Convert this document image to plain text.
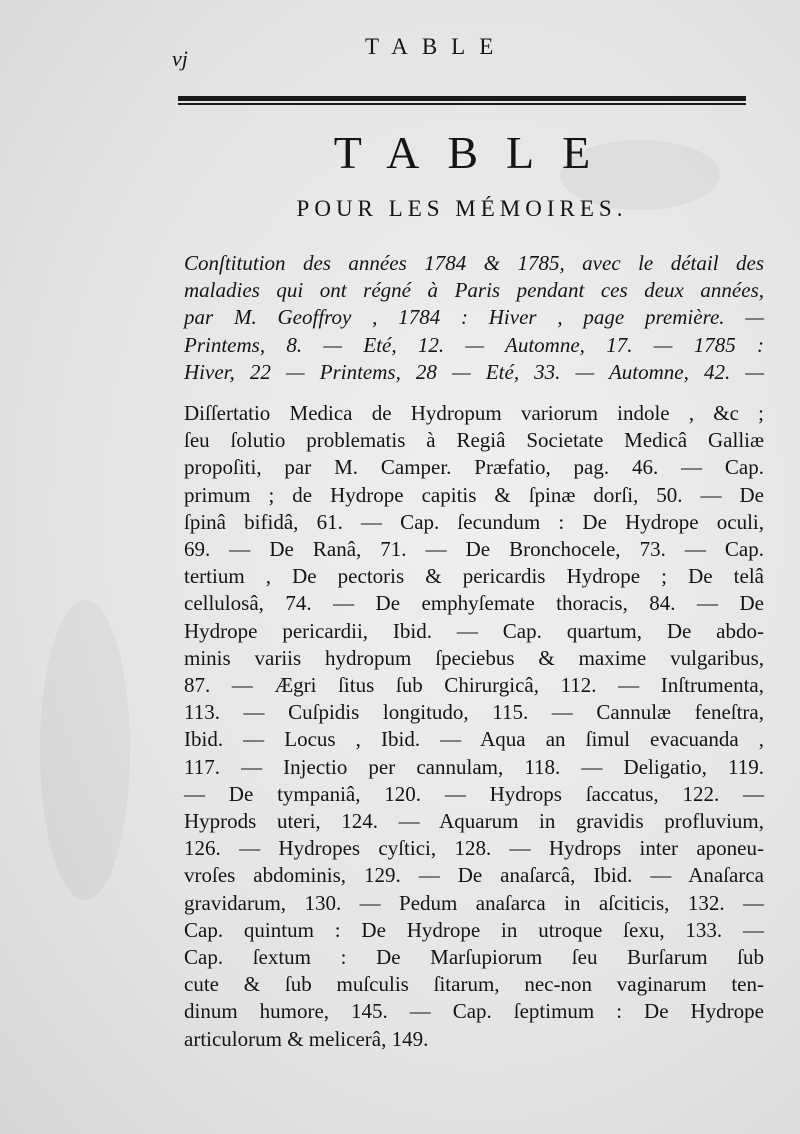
vj	TABLE
TABLE
POUR LES MÉMOIRES.
Conſtitution des années 1784 & 1785, avec le détail des
maladies qui ont régné à Paris pendant ces deux années,
par M. Geoffroy , 1784 : Hiver , page première. —
Printems, 8. — Eté, 12. — Automne, 17. — 1785 :
Hiver, 22 — Printems, 28 — Eté, 33. — Automne, 42. —
Diſſertatio Medica de Hydropum variorum indole , &c ;
ſeu ſolutio problematis à Regiâ Societate Medicâ Galliæ
propoſiti, par M. Camper. Præfatio, pag. 46. — Cap.
primum ; de Hydrope capitis & ſpinæ dorſi, 50. — De
ſpinâ bifidâ, 61. — Cap. ſecundum : De Hydrope oculi,
69. — De Ranâ, 71. — De Bronchocele, 73. — Cap.
tertium , De pectoris & pericardis Hydrope ; De telâ
cellulosâ, 74. — De emphyſemate thoracis, 84. — De
Hydrope pericardii, Ibid. — Cap. quartum, De abdo-
minis variis hydropum ſpeciebus & maxime vulgaribus,
87. — Ægri ſitus ſub Chirurgicâ, 112. — Inſtrumenta,
113. — Cuſpidis longitudo, 115. — Cannulæ feneſtra,
Ibid. — Locus , Ibid. — Aqua an ſimul evacuanda ,
117. — Injectio per cannulam, 118. — Deligatio, 119.
— De tympaniâ, 120. — Hydrops ſaccatus, 122. —
Hyprods uteri, 124. — Aquarum in gravidis profluvium,
126. — Hydropes cyſtici, 128. — Hydrops inter aponeu-
vroſes abdominis, 129. — De anaſarcâ, Ibid. — Anaſarca
gravidarum, 130. — Pedum anaſarca in aſciticis, 132. —
Cap. quintum : De Hydrope in utroque ſexu, 133. —
Cap. ſextum : De Marſupiorum ſeu Burſarum ſub
cute & ſub muſculis ſitarum, nec-non vaginarum ten-
dinum humore, 145. — Cap. ſeptimum : De Hydrope
articulorum & melicerâ, 149.
